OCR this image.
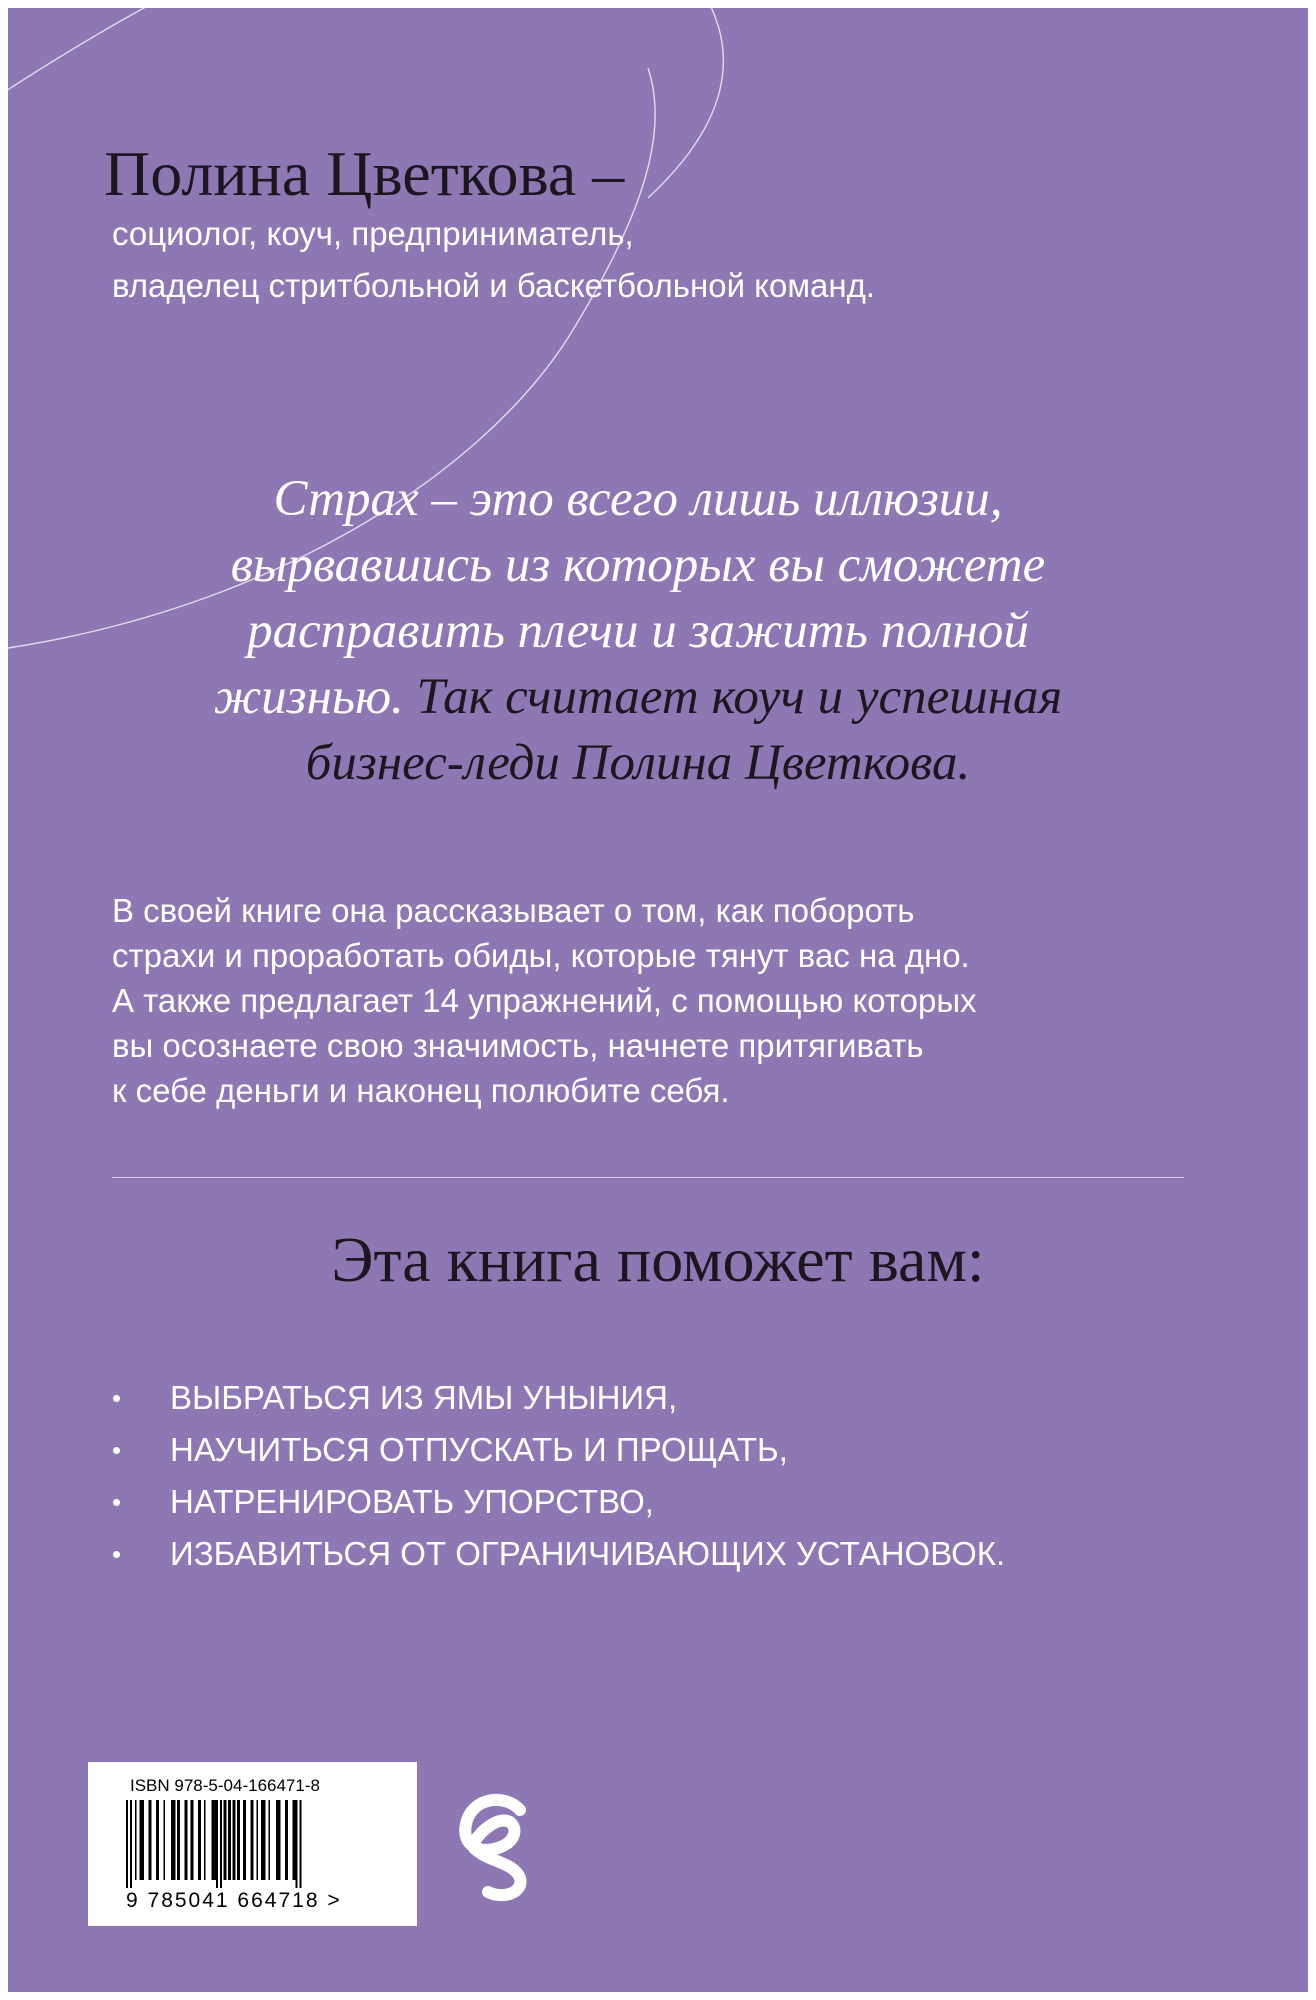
Полина Цветкова –
социолог, коуч, предприниматель,
владелец стритбольной и баскетбольной команд.
Страх – это всего лишь иллюзии,
вырвавшись из которых вы сможете
расправить плечи и зажить полной
жизнью. Так считает коуч и успешная
бизнес-леди Полина Цветкова.
В своей книге она рассказывает о том, как побороть
страхи и проработать обиды, которые тянут вас на дно.
А также предлагает 14 упражнений, с помощью которых
вы осознаете свою значимость, начнете притягивать
к себе деньги и наконец полюбите себя.
Эта книга поможет вам:
•	ВЫБРАТЬСЯ ИЗ ЯМЫ УНЫНИЯ,
•	НАУЧИТЬСЯ ОТПУСКАТЬ И ПРОЩАТЬ,
•	НАТРЕНИРОВАТЬ УПОРСТВО,
•	ИЗБАВИТЬСЯ ОТ ОГРАНИЧИВАЮЩИХ УСТАНОВОК.
ISBN 978-5-04-166471-8
9 785041 664718 >
